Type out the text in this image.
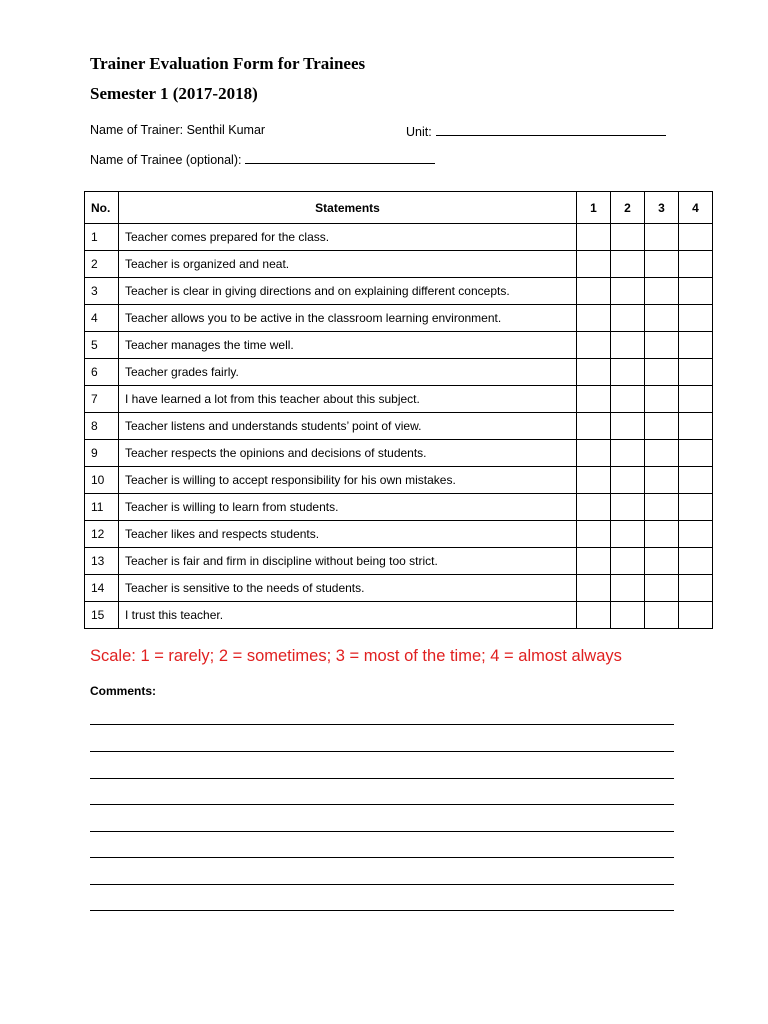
Trainer Evaluation Form for Trainees
Semester 1 (2017-2018)
Name of Trainer: Senthil Kumar	Unit:
Name of Trainee (optional):
No.	Statements	1	2	3	4
1	Teacher comes prepared for the class.				
2	Teacher is organized and neat.				
3	Teacher is clear in giving directions and on explaining different concepts.				
4	Teacher allows you to be active in the classroom learning environment.				
5	Teacher manages the time well.				
6	Teacher grades fairly.				
7	I have learned a lot from this teacher about this subject.				
8	Teacher listens and understands students’ point of view.				
9	Teacher respects the opinions and decisions of students.				
10	Teacher is willing to accept responsibility for his own mistakes.				
11	Teacher is willing to learn from students.				
12	Teacher likes and respects students.				
13	Teacher is fair and firm in discipline without being too strict.				
14	Teacher is sensitive to the needs of students.				
15	I trust this teacher.				

Scale: 1 = rarely; 2 = sometimes; 3 = most of the time; 4 = almost always

Comments:
